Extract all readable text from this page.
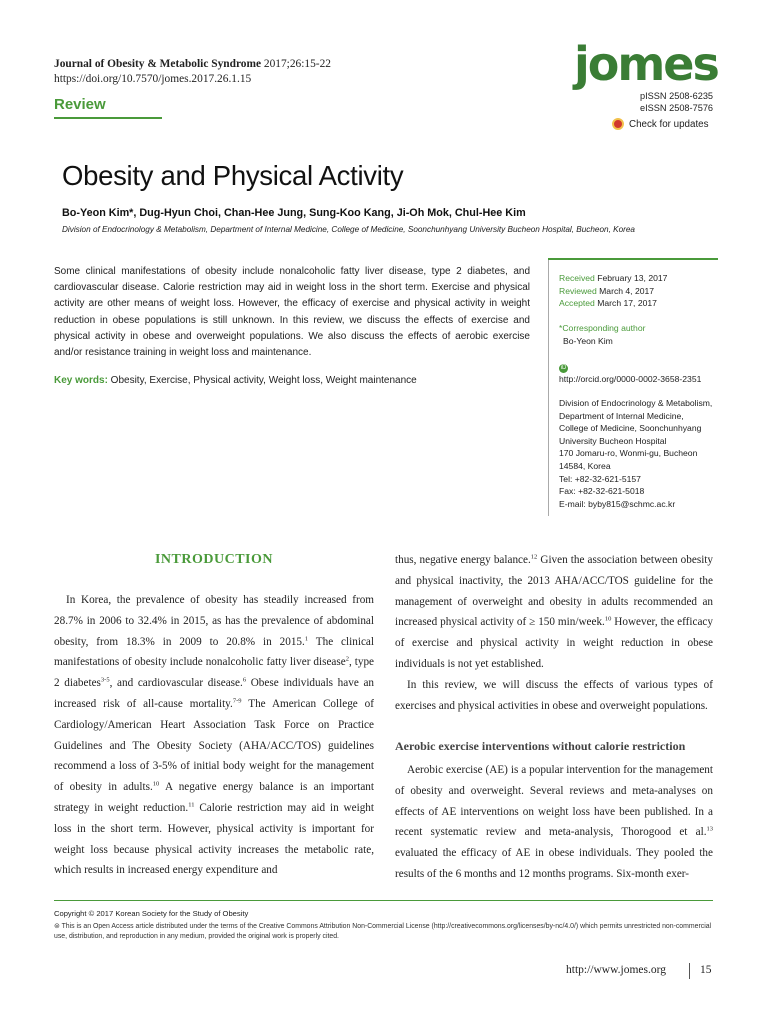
Journal of Obesity & Metabolic Syndrome 2017;26:15-22
https://doi.org/10.7570/jomes.2017.26.1.15
Review
jomes
pISSN 2508-6235
eISSN 2508-7576
Check for updates
Obesity and Physical Activity
Bo-Yeon Kim*, Dug-Hyun Choi, Chan-Hee Jung, Sung-Koo Kang, Ji-Oh Mok, Chul-Hee Kim
Division of Endocrinology & Metabolism, Department of Internal Medicine, College of Medicine, Soonchunhyang University Bucheon Hospital, Bucheon, Korea
Some clinical manifestations of obesity include nonalcoholic fatty liver disease, type 2 diabetes, and cardiovascular disease. Calorie restriction may aid in weight loss in the short term. Exercise and physical activity are other means of weight loss. However, the efficacy of exercise and physical activity in weight reduction in obese populations is still unknown. In this review, we discuss the effects of exercise and physical activity in obese and overweight populations. We also discuss the effects of aerobic exercise and/or resistance training in weight loss and maintenance.
Key words: Obesity, Exercise, Physical activity, Weight loss, Weight maintenance
Received February 13, 2017
Reviewed March 4, 2017
Accepted March 17, 2017
*Corresponding author
Bo-Yeon Kim
iD
http://orcid.org/0000-0002-3658-2351
Division of Endocrinology & Metabolism,
Department of Internal Medicine,
College of Medicine, Soonchunhyang
University Bucheon Hospital
170 Jomaru-ro, Wonmi-gu, Bucheon
14584, Korea
Tel: +82-32-621-5157
Fax: +82-32-621-5018
E-mail: byby815@schmc.ac.kr
INTRODUCTION

In Korea, the prevalence of obesity has steadily increased from 28.7% in 2006 to 32.4% in 2015, as has the prevalence of abdominal obesity, from 18.3% in 2009 to 20.8% in 2015.$^1$ The clinical manifestations of obesity include nonalcoholic fatty liver disease$^2$, type 2 diabetes$^{3-5}$, and cardiovascular disease.$^6$ Obese individuals have an increased risk of all-cause mortality.$^{7-9}$ The American College of Cardiology/American Heart Association Task Force on Practice Guidelines and The Obesity Society (AHA/ACC/TOS) guidelines recommend a loss of 3-5% of initial body weight for the management of obesity in adults.$^{10}$ A negative energy balance is an important strategy in weight reduction.$^{11}$ Calorie restriction may aid in weight loss in the short term. However, physical activity is important for weight loss because physical activity increases the metabolic rate, which results in increased energy expenditure and

thus, negative energy balance.$^{12}$ Given the association between obesity and physical inactivity, the 2013 AHA/ACC/TOS guideline for the management of overweight and obesity in adults recommended an increased physical activity of ≥ 150 min/week.$^{10}$ However, the efficacy of exercise and physical activity in weight reduction in obese individuals is not yet established.

In this review, we will discuss the effects of various types of exercises and physical activities in obese and overweight populations.

Aerobic exercise interventions without calorie restriction

Aerobic exercise (AE) is a popular intervention for the management of obesity and overweight. Several reviews and meta-analyses on effects of AE interventions on weight loss have been published. In a recent systematic review and meta-analysis, Thorogood et al.$^{13}$ evaluated the efficacy of AE in obese individuals. They pooled the results of the 6 months and 12 months programs. Six-month exer-

Copyright © 2017 Korean Society for the Study of Obesity
⊜ This is an Open Access article distributed under the terms of the Creative Commons Attribution Non-Commercial License (http://creativecommons.org/licenses/by-nc/4.0/) which permits unrestricted non-commercial use, distribution, and reproduction in any medium, provided the original work is properly cited.
http://www.jomes.org	15
